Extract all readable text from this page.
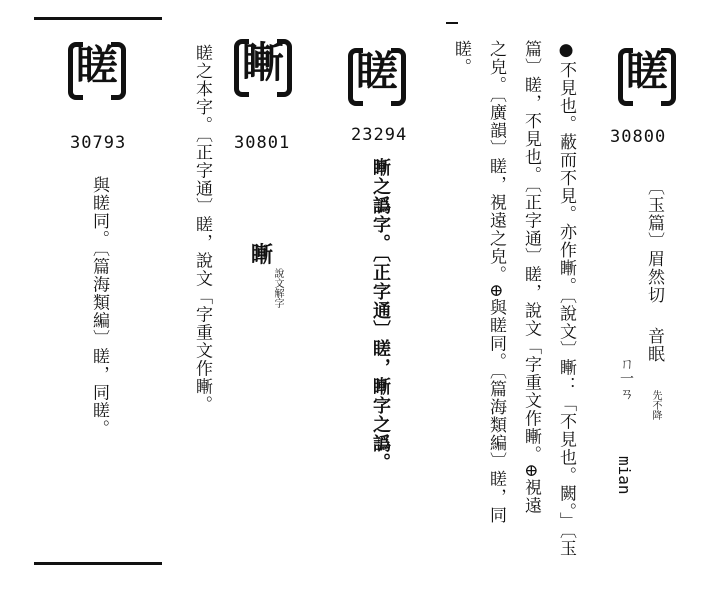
䁟
30800
〔玉篇〕眉然切
音眠
先不降
ㄇ一ㄢ
mian
●不見也。蔽而不見。亦作䁪。〔說文〕䁪：「不見也。闕。」〔玉
篇〕䁟，不見也。〔正字通〕䁟，說文「字重文作䁪。⊕視遠
之皃。〔廣韻〕䁟，視遠之皃。⊕與䁟同。〔篇海類編〕䁟，同
䁟。
䁟
23294
䁪之譌字。〔正字通〕䁟，䁪字之譌。
䁪
30801
䁟之本字。〔正字通〕䁟，說文「字重文作䁪。 䁪
說文解字
䁟
30793
與䁟同。〔篇海類編〕䁟，同䁟。
